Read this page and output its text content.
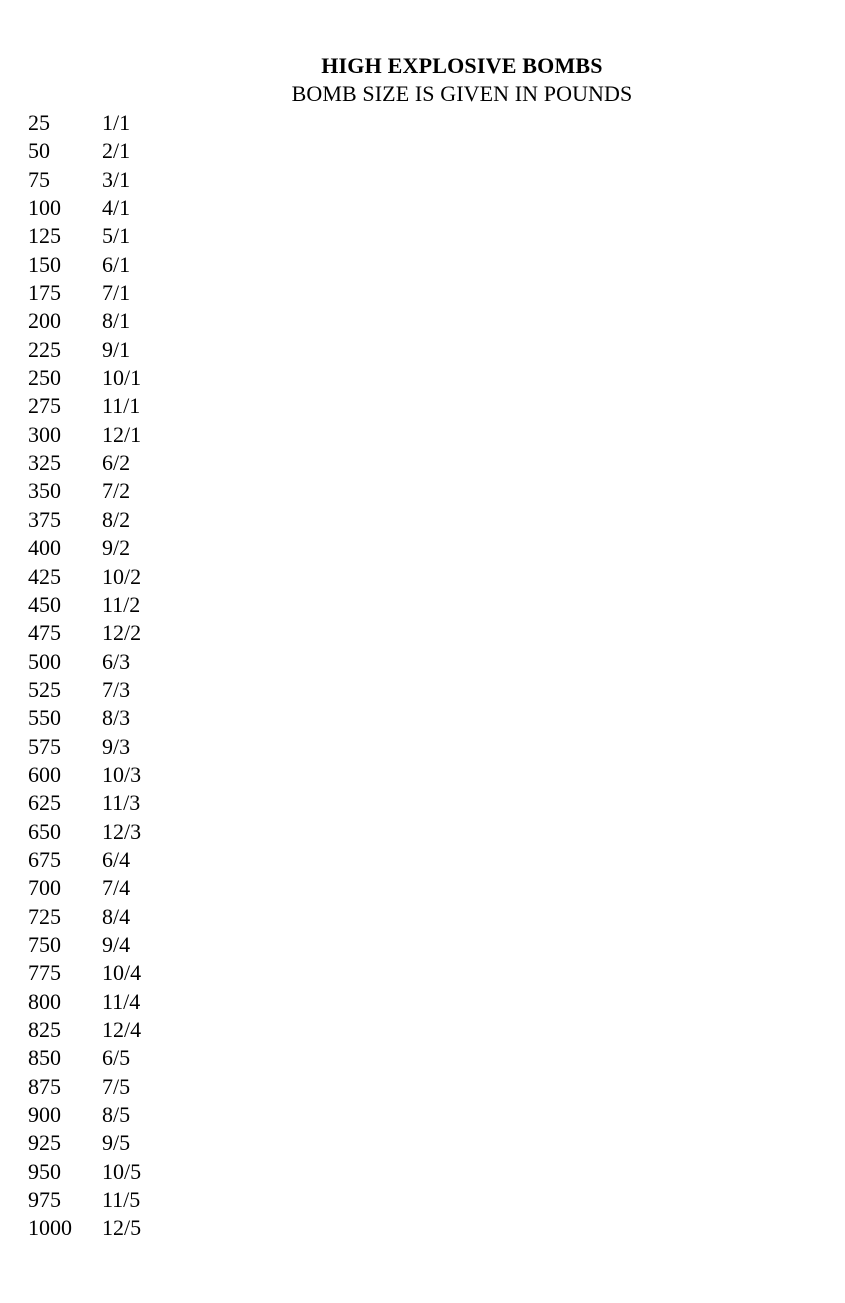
HIGH EXPLOSIVE BOMBS
BOMB SIZE IS GIVEN IN POUNDS
25	1/1
50	2/1
75	3/1
100	4/1
125	5/1
150	6/1
175	7/1
200	8/1
225	9/1
250	10/1
275	11/1
300	12/1
325	6/2
350	7/2
375	8/2
400	9/2
425	10/2
450	11/2
475	12/2
500	6/3
525	7/3
550	8/3
575	9/3
600	10/3
625	11/3
650	12/3
675	6/4
700	7/4
725	8/4
750	9/4
775	10/4
800	11/4
825	12/4
850	6/5
875	7/5
900	8/5
925	9/5
950	10/5
975	11/5
1000	12/5
